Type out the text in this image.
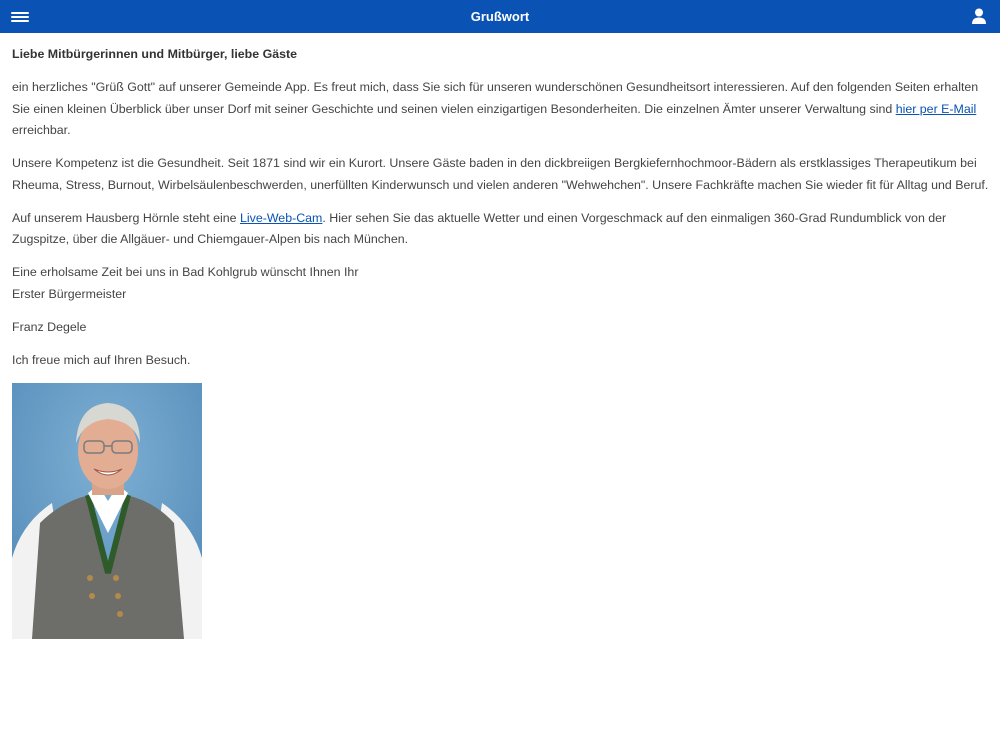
Grußwort
Liebe Mitbürgerinnen und Mitbürger, liebe Gäste

ein herzliches "Grüß Gott" auf unserer Gemeinde App. Es freut mich, dass Sie sich für unseren wunderschönen Gesundheitsort interessieren. Auf den folgenden Seiten erhalten Sie einen kleinen Überblick über unser Dorf mit seiner Geschichte und seinen vielen einzigartigen Besonderheiten. Die einzelnen Ämter unserer Verwaltung sind hier per E-Mail erreichbar.

Unsere Kompetenz ist die Gesundheit. Seit 1871 sind wir ein Kurort. Unsere Gäste baden in den dickbreiigen Bergkiefernhochmoor-Bädern als erstklassiges Therapeutikum bei Rheuma, Stress, Burnout, Wirbelsäulenbeschwerden, unerfüllten Kinderwunsch und vielen anderen "Wehwehchen". Unsere Fachkräfte machen Sie wieder fit für Alltag und Beruf.

Auf unserem Hausberg Hörnle steht eine Live-Web-Cam. Hier sehen Sie das aktuelle Wetter und einen Vorgeschmack auf den einmaligen 360-Grad Rundumblick von der Zugspitze, über die Allgäuer- und Chiemgauer-Alpen bis nach München.

Eine erholsame Zeit bei uns in Bad Kohlgrub wünscht Ihnen Ihr
Erster Bürgermeister

Franz Degele

Ich freue mich auf Ihren Besuch.
